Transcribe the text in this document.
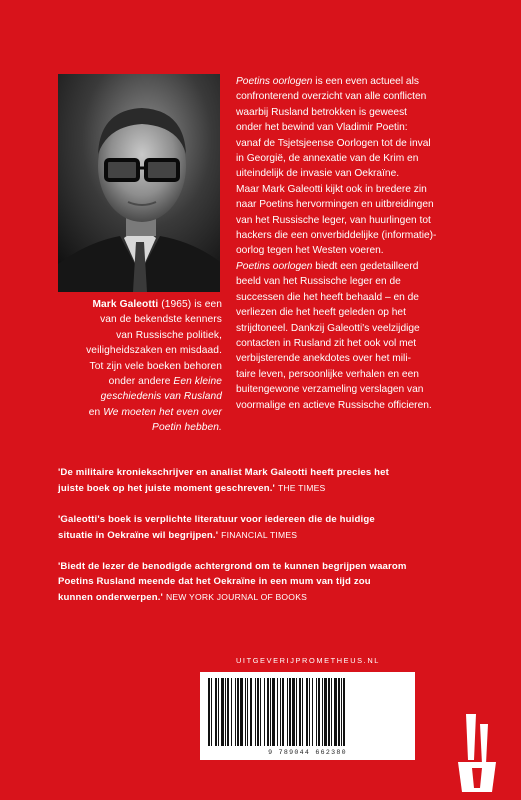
Mark Galeotti (1965) is een
van de bekendste kenners
van Russische politiek,
veiligheidszaken en misdaad.
Tot zijn vele boeken behoren
onder andere Een kleine
geschiedenis van Rusland
en We moeten het even over
Poetin hebben.

Poetins oorlogen is een even actueel als
confronterend overzicht van alle conflicten
waarbij Rusland betrokken is geweest
onder het bewind van Vladimir Poetin:
vanaf de Tsjetsjeense Oorlogen tot de inval
in Georgië, de annexatie van de Krim en
uiteindelijk de invasie van Oekraïne.

Maar Mark Galeotti kijkt ook in bredere zin
naar Poetins hervormingen en uitbreidingen
van het Russische leger, van huurlingen tot
hackers die een onverbiddelijke (informatie)-
oorlog tegen het Westen voeren.

Poetins oorlogen biedt een gedetailleerd
beeld van het Russische leger en de
successen die het heeft behaald – en de
verliezen die het heeft geleden op het
strijdtoneel. Dankzij Galeotti's veelzijdige
contacten in Rusland zit het ook vol met
verbijsterende anekdotes over het mili-
taire leven, persoonlijke verhalen en een
buitengewone verzameling verslagen van
voormalige en actieve Russische officieren.

'De militaire kroniekschrijver en analist Mark Galeotti heeft precies het
juiste boek op het juiste moment geschreven.' THE TIMES
'Galeotti's boek is verplichte literatuur voor iedereen die de huidige
situatie in Oekraïne wil begrijpen.' FINANCIAL TIMES
'Biedt de lezer de benodigde achtergrond om te kunnen begrijpen waarom
Poetins Rusland meende dat het Oekraïne in een mum van tijd zou
kunnen onderwerpen.' NEW YORK JOURNAL OF BOOKS
UITGEVERIJPROMETHEUS.NL
9 789044 662380
